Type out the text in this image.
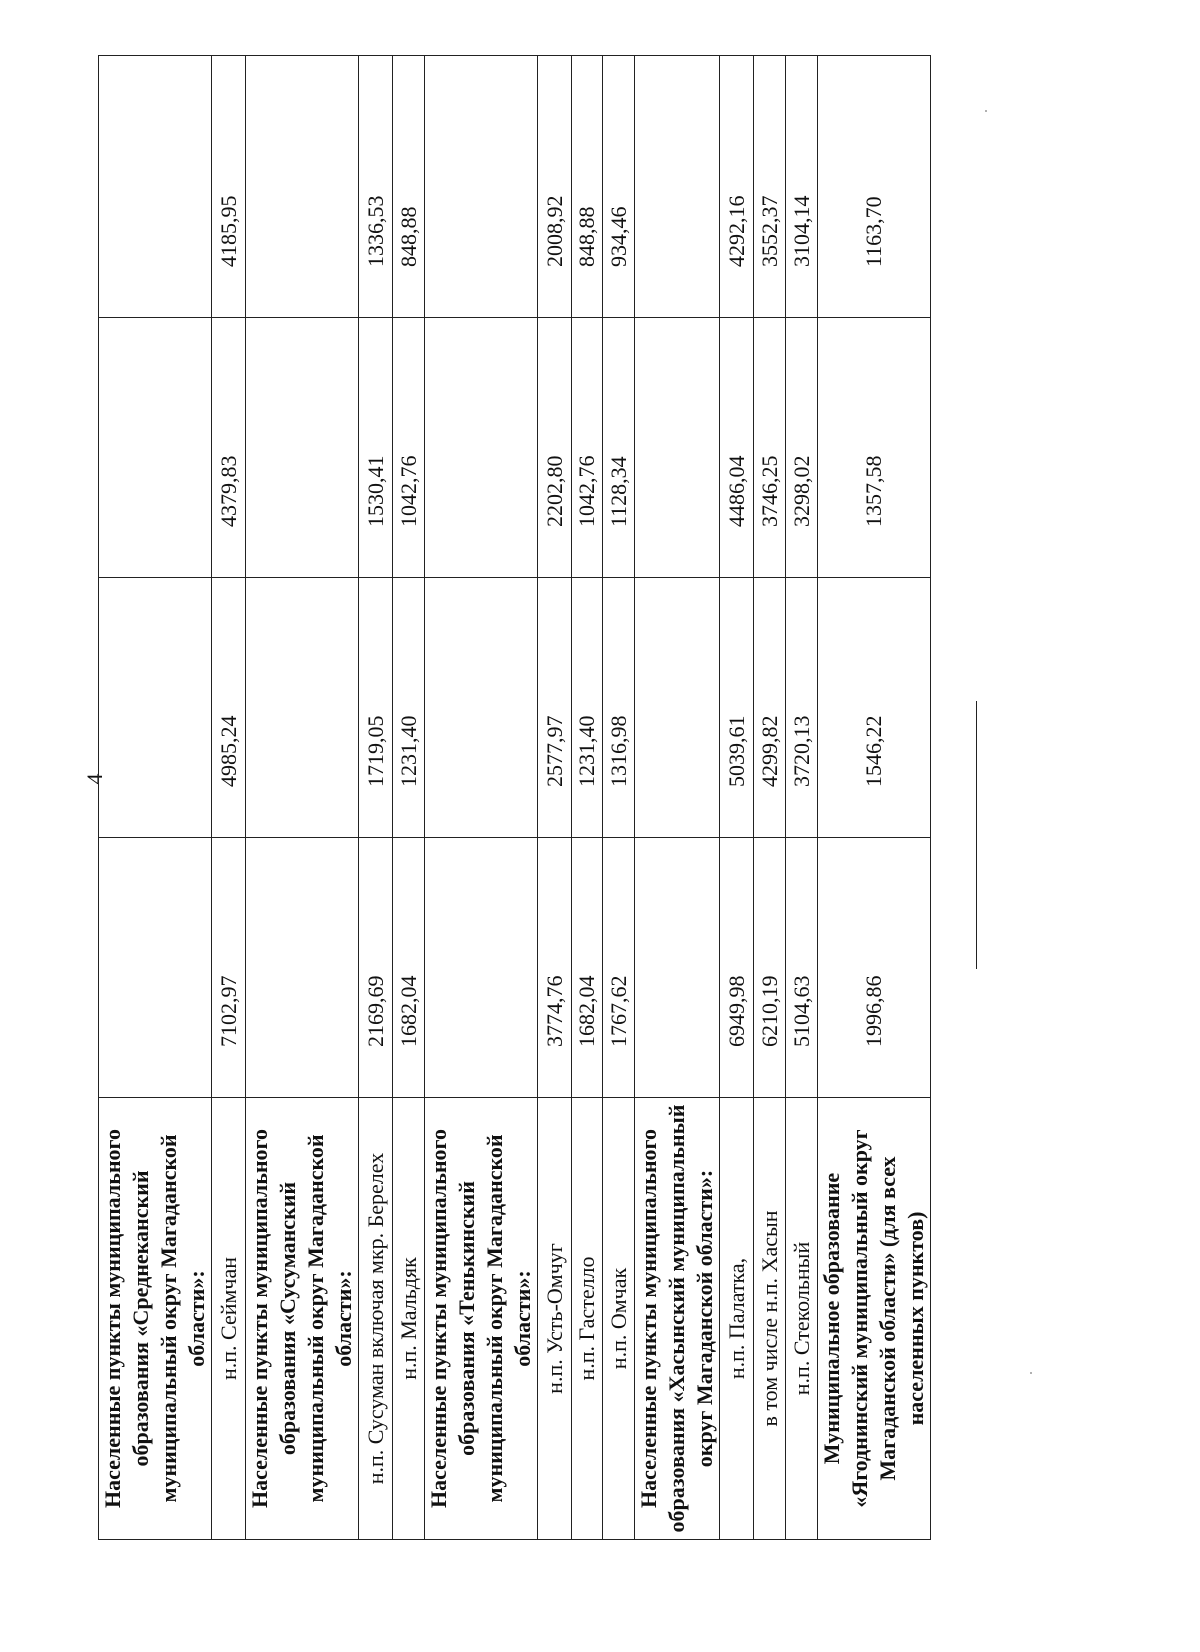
4
Населенные пункты муниципального образования «Среднеканский муниципальный округ Магаданской области»:				
н.п. Сеймчан	7102,97	4985,24	4379,83	4185,95
Населенные пункты муниципального образования «Сусуманский муниципальный округ Магаданской области»:				
н.п. Сусуман включая мкр. Берелех	2169,69	1719,05	1530,41	1336,53
н.п. Мальдяк	1682,04	1231,40	1042,76	848,88
Населенные пункты муниципального образования «Тенькинский муниципальный округ Магаданской области»:				
н.п. Усть-Омчуг	3774,76	2577,97	2202,80	2008,92
н.п. Гастелло	1682,04	1231,40	1042,76	848,88
н.п. Омчак	1767,62	1316,98	1128,34	934,46
Населенные пункты муниципального образования «Хасынский муниципальный округ Магаданской области»:				
н.п. Палатка,	6949,98	5039,61	4486,04	4292,16
в том числе н.п. Хасын	6210,19	4299,82	3746,25	3552,37
н.п. Стекольный	5104,63	3720,13	3298,02	3104,14
Муниципальное образование «Ягоднинский муниципальный округ Магаданской области» (для всех населенных пунктов)	1996,86	1546,22	1357,58	1163,70
